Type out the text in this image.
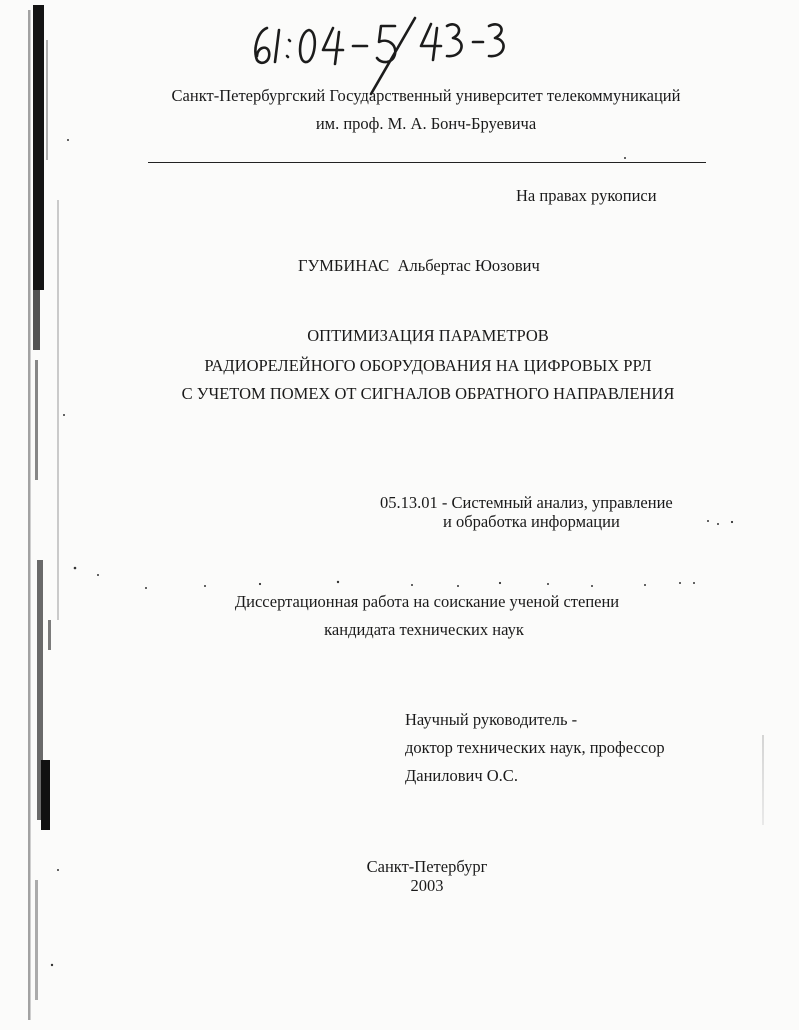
Санкт-Петербургский Государственный университет телекоммуникаций
им. проф. М. А. Бонч-Бруевича
На правах рукописи
ГУМБИНАС Альбертас Юозович
ОПТИМИЗАЦИЯ ПАРАМЕТРОВ
РАДИОРЕЛЕЙНОГО ОБОРУДОВАНИЯ НА ЦИФРОВЫХ РРЛ
С УЧЕТОМ ПОМЕХ ОТ СИГНАЛОВ ОБРАТНОГО НАПРАВЛЕНИЯ
05.13.01 - Системный анализ, управление
и обработка информации
Диссертационная работа на соискание ученой степени
кандидата технических наук
Научный руководитель -
доктор технических наук, профессор
Данилович О.С.
Санкт-Петербург
2003
